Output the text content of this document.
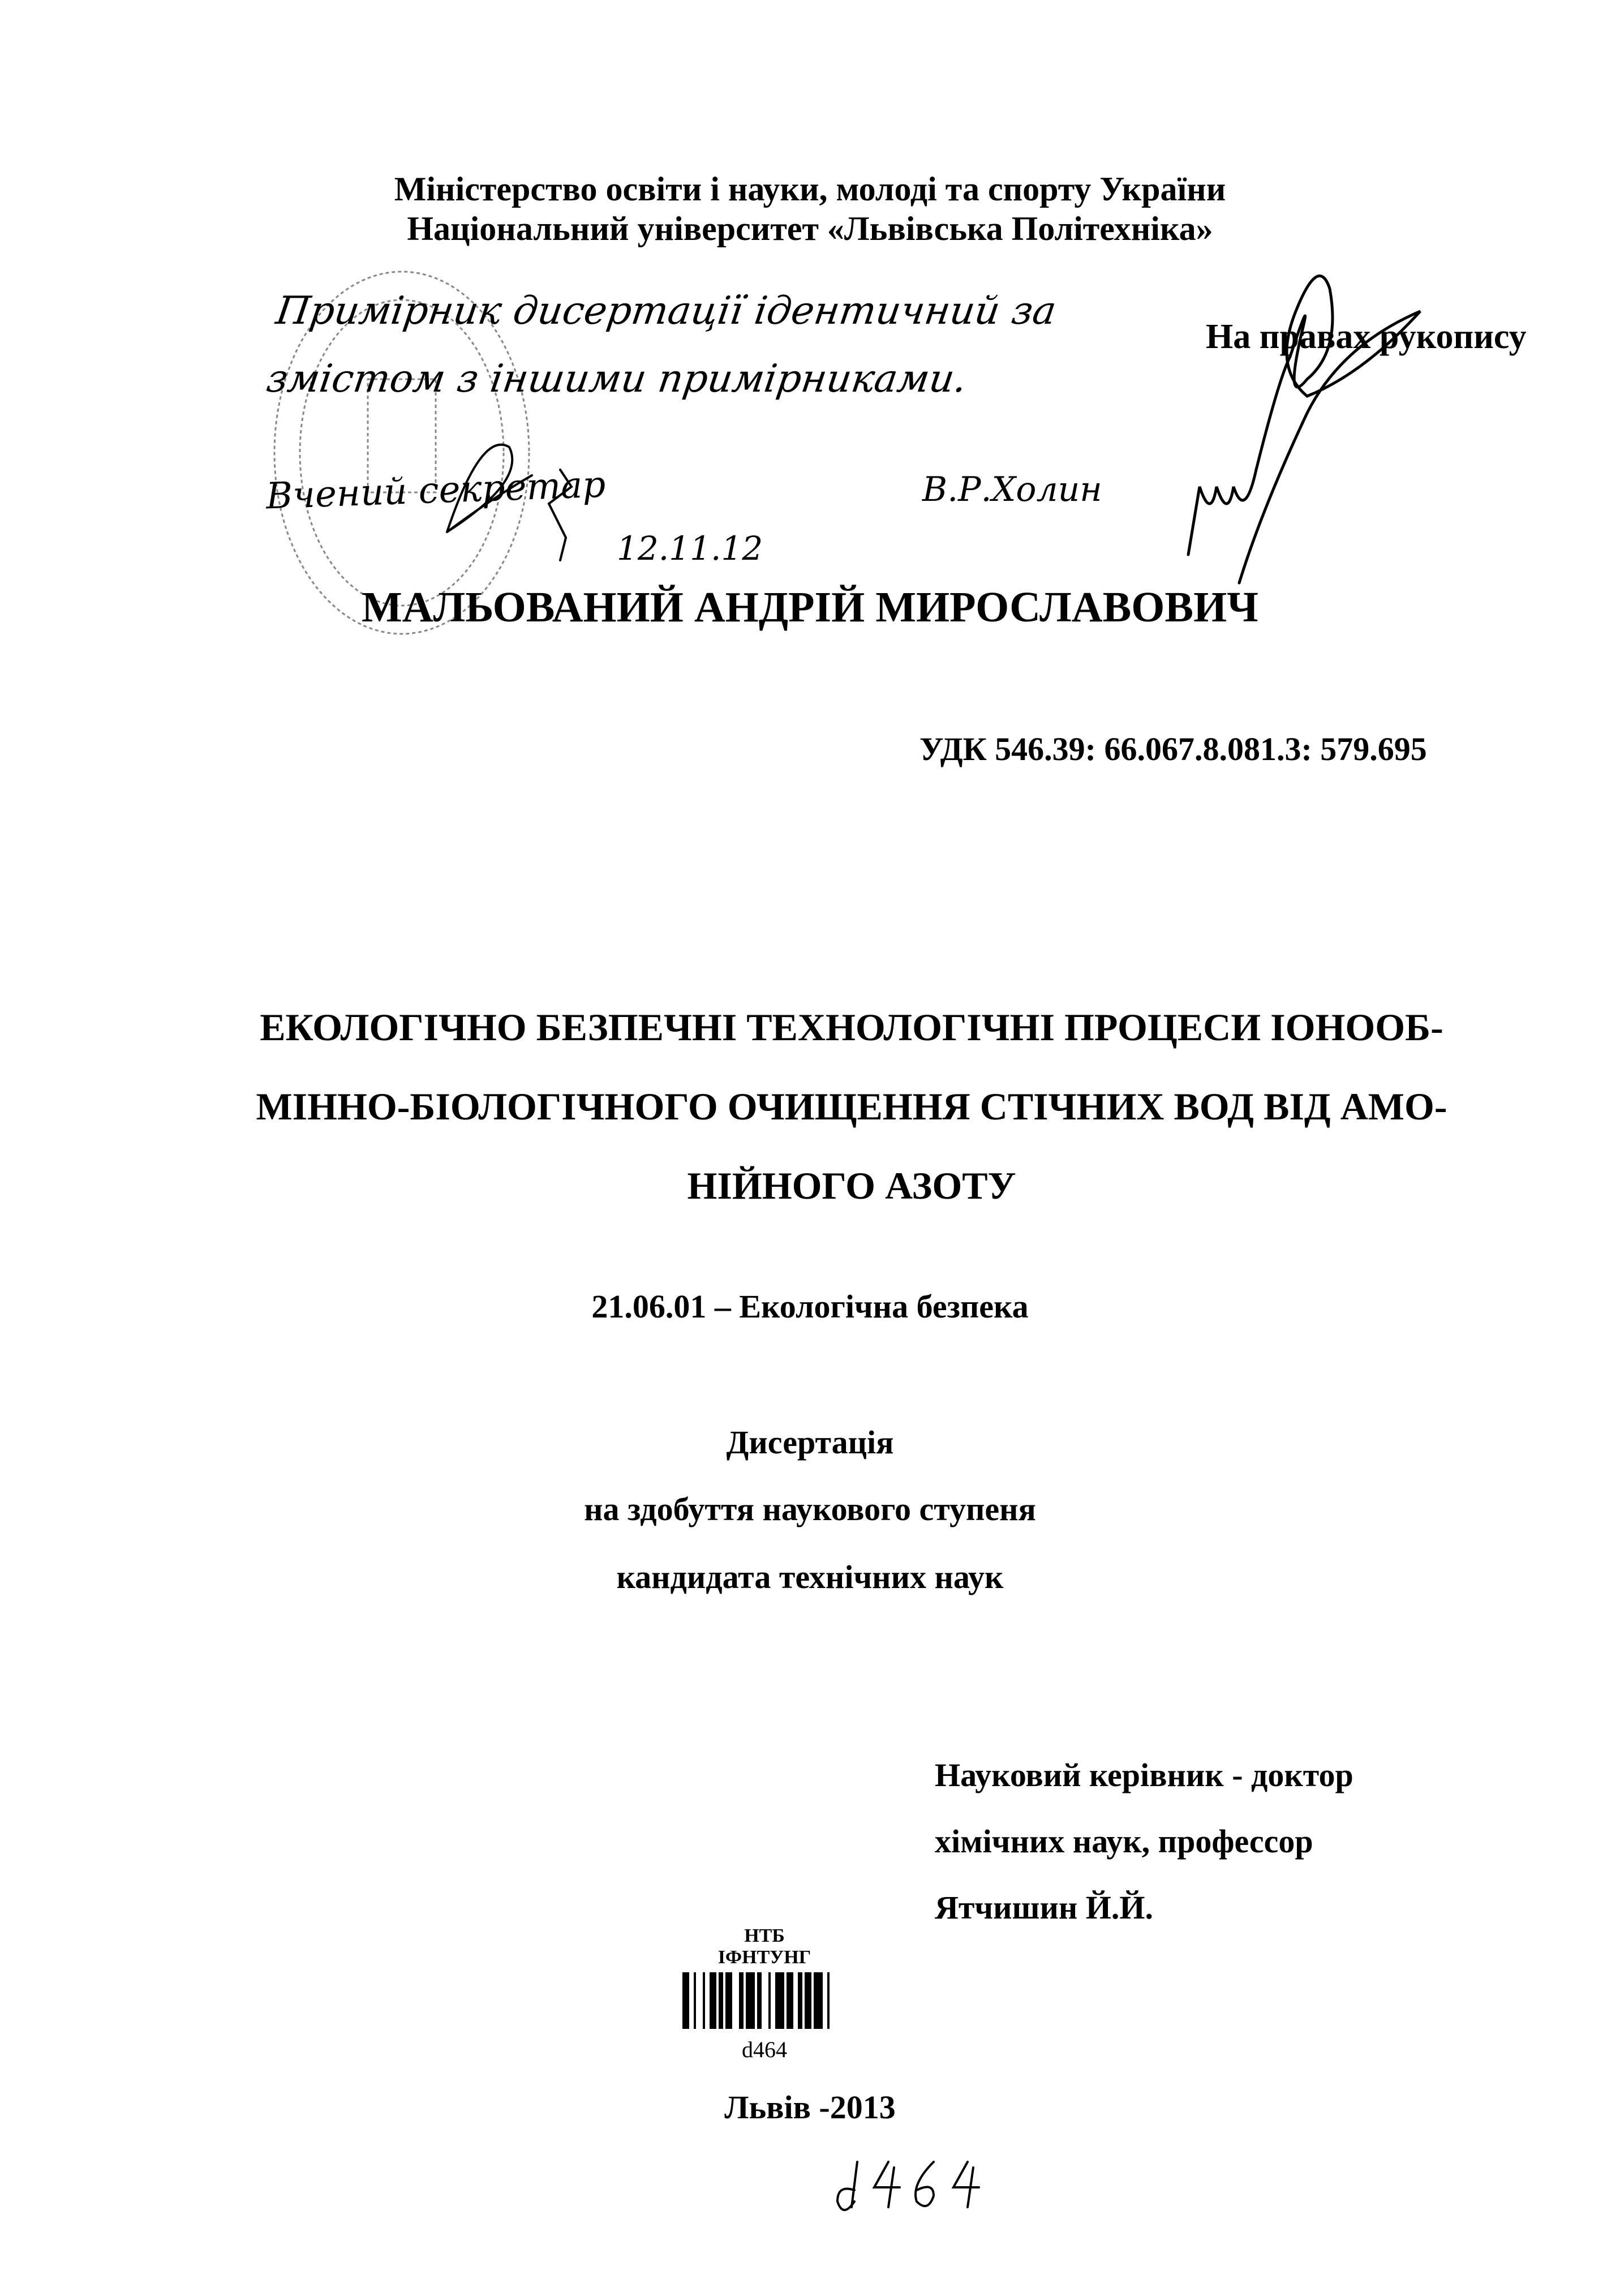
Міністерство освіти і науки, молоді та спорту України
Національний університет «Львівська Політехніка»
Примірник дисертації ідентичний за змістом з іншими примірниками.
Вчений секретар	В.Р.Холин
12.11.12
На правах рукопису
МАЛЬОВАНИЙ АНДРІЙ МИРОСЛАВОВИЧ
УДК 546.39: 66.067.8.081.3: 579.695
ЕКОЛОГІЧНО БЕЗПЕЧНІ ТЕХНОЛОГІЧНІ ПРОЦЕСИ ІОНООБ-
МІННО-БІОЛОГІЧНОГО ОЧИЩЕННЯ СТІЧНИХ ВОД ВІД АМО-
НІЙНОГО АЗОТУ
21.06.01 – Екологічна безпека
Дисертація
на здобуття наукового ступеня
кандидата технічних наук
Науковий керівник - доктор
хімічних наук, профессор
Ятчишин Й.Й.
НТБ
ІФНТУНГ
d464
Львів -2013
